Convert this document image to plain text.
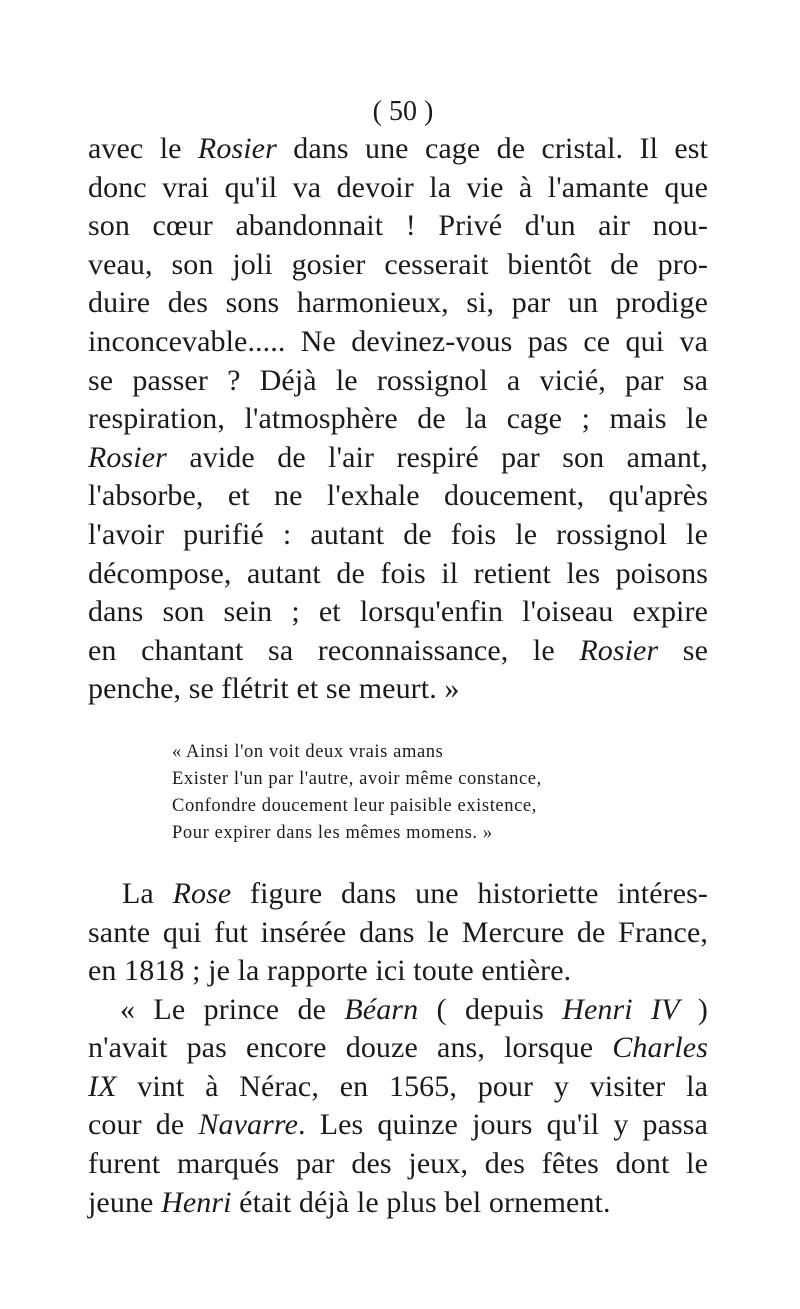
( 50 )
avec le Rosier dans une cage de cristal. Il est
donc vrai qu'il va devoir la vie à l'amante que
son cœur abandonnait ! Privé d'un air nou-
veau, son joli gosier cesserait bientôt de pro-
duire des sons harmonieux, si, par un prodige
inconcevable..... Ne devinez-vous pas ce qui va
se passer ? Déjà le rossignol a vicié, par sa
respiration, l'atmosphère de la cage ; mais le
Rosier avide de l'air respiré par son amant,
l'absorbe, et ne l'exhale doucement, qu'après
l'avoir purifié : autant de fois le rossignol le
décompose, autant de fois il retient les poisons
dans son sein ; et lorsqu'enfin l'oiseau expire
en chantant sa reconnaissance, le Rosier se
penche, se flétrit et se meurt. »
« Ainsi l'on voit deux vrais amans
Exister l'un par l'autre, avoir même constance,
Confondre doucement leur paisible existence,
Pour expirer dans les mêmes momens. »
La Rose figure dans une historiette intéres-
sante qui fut insérée dans le Mercure de France,
en 1818 ; je la rapporte ici toute entière.
« Le prince de Béarn ( depuis Henri IV )
n'avait pas encore douze ans, lorsque Charles
IX vint à Nérac, en 1565, pour y visiter la
cour de Navarre. Les quinze jours qu'il y passa
furent marqués par des jeux, des fêtes dont le
jeune Henri était déjà le plus bel ornement.
